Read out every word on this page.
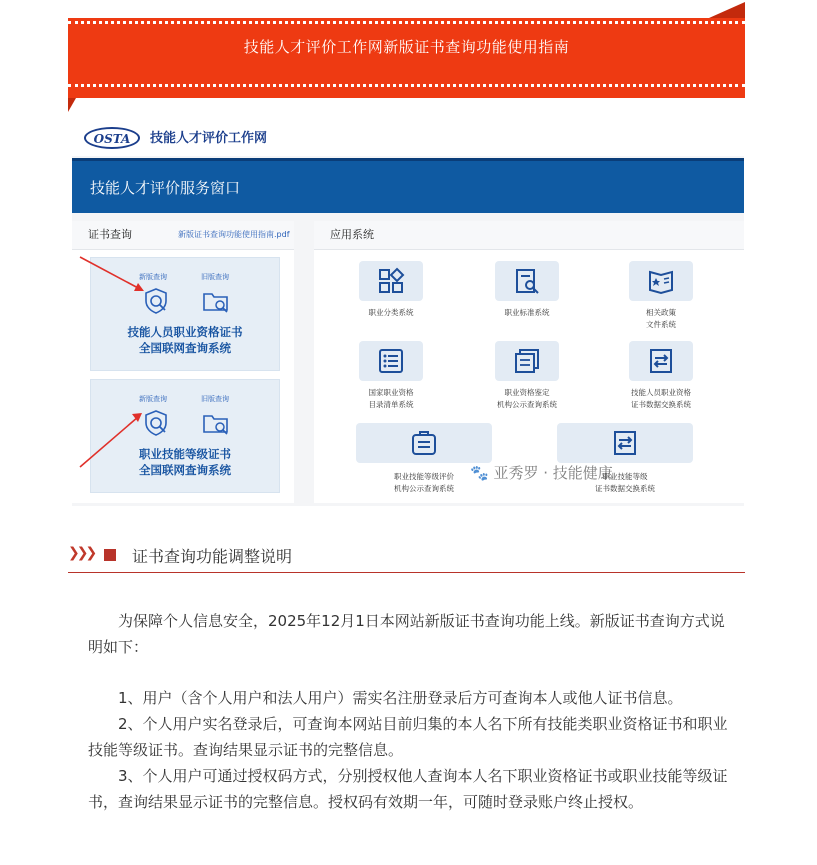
技能人才评价工作网新版证书查询功能使用指南
OSTA	技能人才评价工作网
技能人才评价服务窗口
证书查询	新版证书查询功能使用指南.pdf
新版查询	旧版查询
技能人员职业资格证书
全国联网查询系统
新版查询	旧版查询
职业技能等级证书
全国联网查询系统
应用系统
职业分类系统	职业标准系统	相关政策
文件系统
国家职业资格
目录清单系统
职业资格鉴定
机构公示查询系统
技能人员职业资格
证书数据交换系统
职业技能等级评价
机构公示查询系统
职业技能等级
证书数据交换系统
🐾 亚秀罗 · 技能健康
❯❯❯ 证书查询功能调整说明

为保障个人信息安全，2025年12月1日本网站新版证书查询功能上线。新版证书查询方式说明如下：

1、用户（含个人用户和法人用户）需实名注册登录后方可查询本人或他人证书信息。

2、个人用户实名登录后，可查询本网站目前归集的本人名下所有技能类职业资格证书和职业技能等级证书。查询结果显示证书的完整信息。

3、个人用户可通过授权码方式，分别授权他人查询本人名下职业资格证书或职业技能等级证书，查询结果显示证书的完整信息。授权码有效期一年，可随时登录账户终止授权。
